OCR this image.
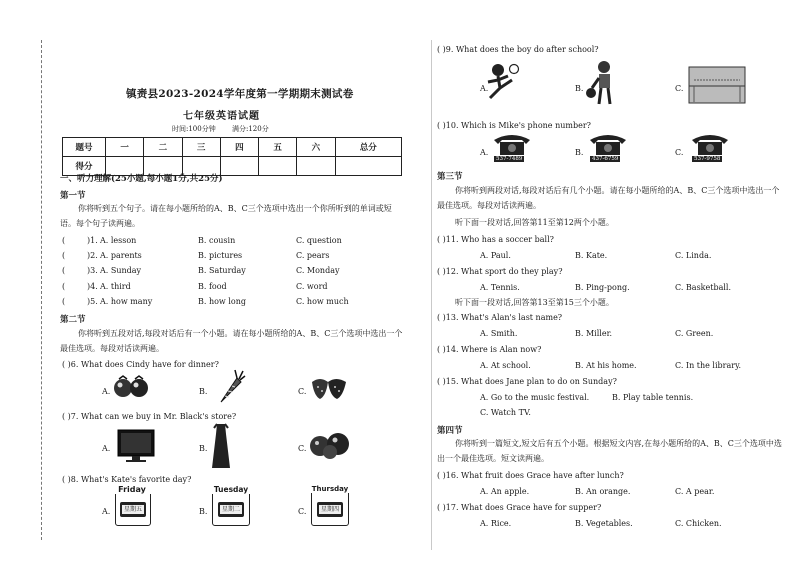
镇赉县2023-2024学年度第一学期期末测试卷
七年级英语试题
时间:100分钟 满分:120分
题号	一	二	三	四	五	六	总分
得分							
一、听力理解(25小题,每小题1分,共25分)
第一节
你将听到五个句子。请在每小题所给的A、B、C三个选项中选出一个你所听到的单词或短语。每个句子读两遍。
(	)1. A. lesson	B. cousin	C. question
(	)2. A. parents	B. pictures	C. pears
(	)3. A. Sunday	B. Saturday	C. Monday
(	)4. A. third	B. food	C. word
(	)5. A. how many	B. how long	C. how much
第二节
你将听到五段对话,每段对话后有一个小题。请在每小题所给的A、B、C三个选项中选出一个最佳选项。每段对话读两遍。
( )6. What does Cindy have for dinner?
A.	B.	C.
( )7. What can we buy in Mr. Black's store?
A.	B.	C.
( )8. What's Kate's favorite day?
A.
Friday
星期五	B.
Tuesday
星期二	C.
Thursday
星期四
( )9. What does the boy do after school?
A.	B.	C.
( )10. Which is Mike's phone number?
A.
537-7489
B.
437-6759
C.
537-9758
第三节
你将听到两段对话,每段对话后有几个小题。请在每小题所给的A、B、C三个选项中选出一个最佳选项。每段对话读两遍。
听下面一段对话,回答第11至第12两个小题。
( )11. Who has a soccer ball?
A. Paul.	B. Kate.	C. Linda.
( )12. What sport do they play?
A. Tennis.	B. Ping-pong.	C. Basketball.
听下面一段对话,回答第13至第15三个小题。
( )13. What's Alan's last name?
A. Smith.	B. Miller.	C. Green.
( )14. Where is Alan now?
A. At school.	B. At his home.	C. In the library.
( )15. What does Jane plan to do on Sunday?
A. Go to the music festival.	B. Play table tennis.
C. Watch TV.
第四节
你将听到一篇短文,短文后有五个小题。根据短文内容,在每小题所给的A、B、C三个选项中选出一个最佳选项。短文读两遍。
( )16. What fruit does Grace have after lunch?
A. An apple.	B. An orange.	C. A pear.
( )17. What does Grace have for supper?
A. Rice.	B. Vegetables.	C. Chicken.
